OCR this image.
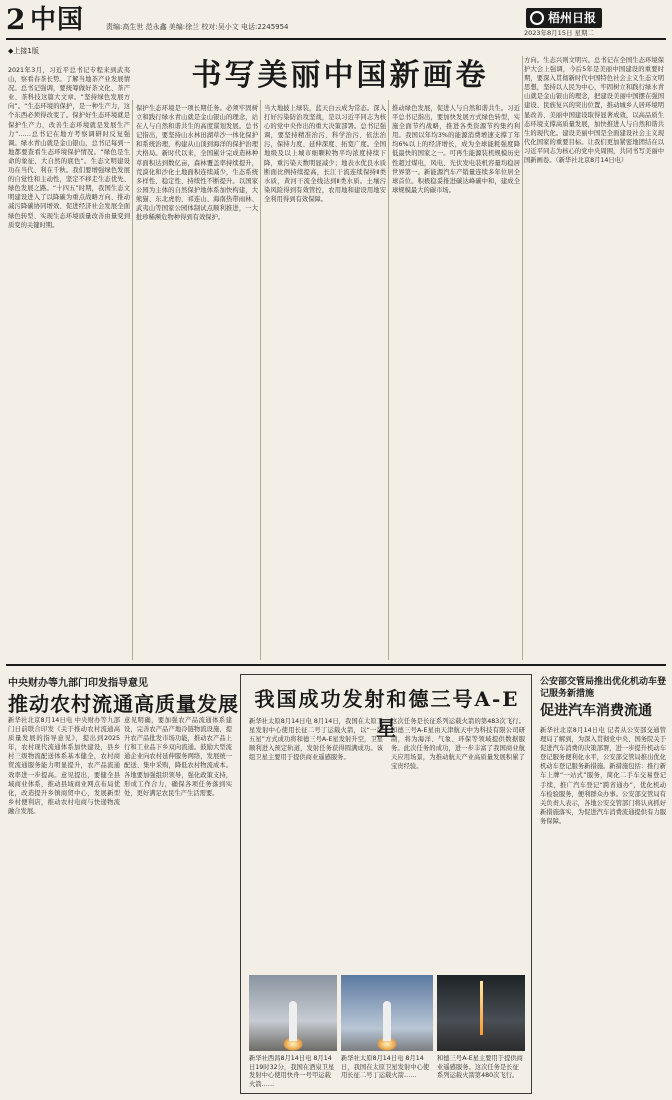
2 中国	责编:高生世 范永鑫 美编:徐兰 校对:吴小文 电话:2245954
梧州日报
2023年8月15日 星期二
◆上接1版
书写美丽中国新画卷
2021年3月，习近平总书记专程来到武夷山，察看春茶长势。了解当地茶产业发展情况。总书记强调，要统筹做好茶文化、茶产业、茶科技这篇大文章。“坚持绿色发展方向”。“生态环境的保护，是一种生产力，这个东西必须得改变了。保护好生态环境就是保护生产力，改善生态环境就是发展生产力”……总书记在地方考察调研时反复强调。绿水青山就是金山银山，总书记每到一地都要查看生态环境保护情况。“绿色是生命的象征、大自然的底色”。生态文明建设功在当代、利在千秋。我们要增强绿色发展的自觉性和主动性，坚定不移走生态优先、绿色发展之路。“十四五”时期，我国生态文明建设进入了以降碳为重点战略方向、推动减污降碳协同增效、促进经济社会发展全面绿色转型、实现生态环境质量改善由量变到质变的关键时期。
保护生态环境是一项长期任务。必须牢固树立和践行绿水青山就是金山银山的理念，站在人与自然和谐共生的高度谋划发展。总书记指出，要坚持山水林田湖草沙一体化保护和系统治理，构建从山顶到海洋的保护治理大格局。新时代以来，全国累计完成造林种草面积达到数亿亩，森林覆盖率持续提升，荒漠化和沙化土地面积连续减少，生态系统多样性、稳定性、持续性不断提升。以国家公园为主体的自然保护地体系加快构建，大熊猫、东北虎豹、祁连山、海南热带雨林、武夷山等国家公园体制试点顺利推进，一大批珍稀濒危物种得到有效保护。
当大地披上绿装，蓝天白云成为常态。深入打好污染防治攻坚战，是以习近平同志为核心的党中央作出的重大决策部署。总书记强调，要坚持精准治污、科学治污、依法治污，保持力度、延伸深度、拓宽广度。全国地级及以上城市细颗粒物平均浓度持续下降，重污染天数明显减少；地表水优良水质断面比例持续提高，长江干流连续保持Ⅱ类水质，黄河干流全线达到Ⅱ类水质。土壤污染风险得到有效管控，农用地和建设用地安全利用得到有效保障。
推动绿色发展，促进人与自然和谐共生。习近平总书记指出，要加快发展方式绿色转型，实施全面节约战略，推进各类资源节约集约利用。我国以年均3%的能源消费增速支撑了年均6%以上的经济增长，成为全球能耗强度降低最快的国家之一。可再生能源装机规模历史性超过煤电，风电、光伏发电装机容量均稳居世界第一。新能源汽车产销量连续多年位居全球首位。积极稳妥推进碳达峰碳中和，建成全球规模最大的碳市场。
方向。生态兴则文明兴。总书记在全国生态环境保护大会上强调，今后5年是美丽中国建设的重要时期，要深入贯彻新时代中国特色社会主义生态文明思想，坚持以人民为中心，牢固树立和践行绿水青山就是金山银山的理念，把建设美丽中国摆在强国建设、民族复兴的突出位置，推动城乡人居环境明显改善、美丽中国建设取得显著成效，以高品质生态环境支撑高质量发展，加快推进人与自然和谐共生的现代化。建设美丽中国是全面建设社会主义现代化国家的重要目标。让我们更加紧密地团结在以习近平同志为核心的党中央周围，共同书写美丽中国新画卷。（新华社北京8月14日电）
中央财办等九部门印发指导意见
推动农村流通高质量发展
新华社北京8月14日电 中央财办等九部门日前联合印发《关于推动农村流通高质量发展的指导意见》，提出到2025年，农村现代流通体系加快建设，县乡村三级物流配送体系基本健全，农村商贸流通服务能力明显提升，农产品流通效率进一步提高。意见提出，要健全县域商业体系，推动县域商业网点布局优化，改造提升乡镇商贸中心，发展新型乡村便利店，推动农村电商与快递物流融合发展。
意见明确，要加强农产品流通体系建设，完善农产品产地冷链物流设施，提升农产品批发市场功能，推动农产品上行和工业品下乡双向流通。鼓励大型流通企业向农村延伸服务网络，发展统一配送、集中采购，降低农村物流成本。各地要加强组织领导，强化政策支持，形成工作合力，确保各项任务落到实处，更好满足农民生产生活需要。
我国成功发射和德三号A-E星
新华社太原8月14日电 8月14日，我国在太原卫星发射中心使用长征二号丁运载火箭，以“一箭五星”方式成功将和德三号A-E星发射升空，卫星顺利进入预定轨道，发射任务获得圆满成功。该组卫星主要用于提供商业遥感服务。
这次任务是长征系列运载火箭的第483次飞行。和德三号A-E星由天津航天中为科技有限公司研制，将为海洋、气象、环保等领域提供数据服务。此次任务的成功，进一步丰富了我国商业航天应用场景，为推动航天产业高质量发展积累了宝贵经验。
新华社西昌8月14日电 8月14日19时32分，我国在酒泉卫星发射中心使用快舟一号甲运载火箭……
新华社太原8月14日电 8月14日，我国在太原卫星发射中心使用长征二号丁运载火箭……
和德三号A-E星主要用于提供商业遥感服务。这次任务是长征系列运载火箭第480次飞行。
公安部交管局推出优化机动车登记服务新措施
促进汽车消费流通
新华社北京8月14日电 记者从公安部交通管理局了解到，为深入贯彻党中央、国务院关于促进汽车消费的决策部署，进一步提升机动车登记服务便利化水平，公安部交管局推出优化机动车登记服务新措施。新措施包括：推行新车上牌“一站式”服务，简化二手车交易登记手续，推广汽车登记“跨省通办”，优化机动车检验服务，便利群众办事。公安部交管局有关负责人表示，各地公安交管部门将认真抓好新措施落实，为促进汽车消费流通提供有力服务保障。
